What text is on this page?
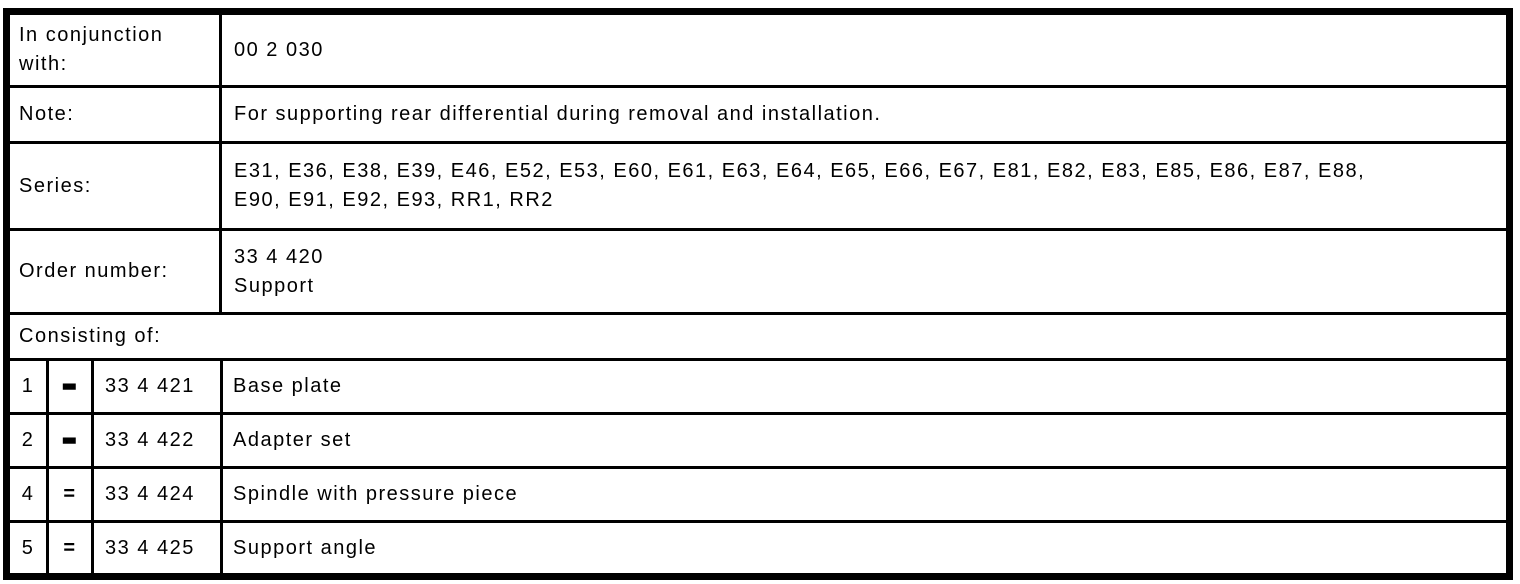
In conjunction with:
00 2 030
Note:	For supporting rear differential during removal and installation.
Series:
E31, E36, E38, E39, E46, E52, E53, E60, E61, E63, E64, E65, E66, E67, E81, E82, E83, E85, E86, E87, E88,
E90, E91, E92, E93, RR1, RR2
Order number:
33 4 420
Support
Consisting of:
1	▬	33 4 421	Base plate
2	▬	33 4 422	Adapter set
4	=	33 4 424	Spindle with pressure piece
5	=	33 4 425	Support angle
